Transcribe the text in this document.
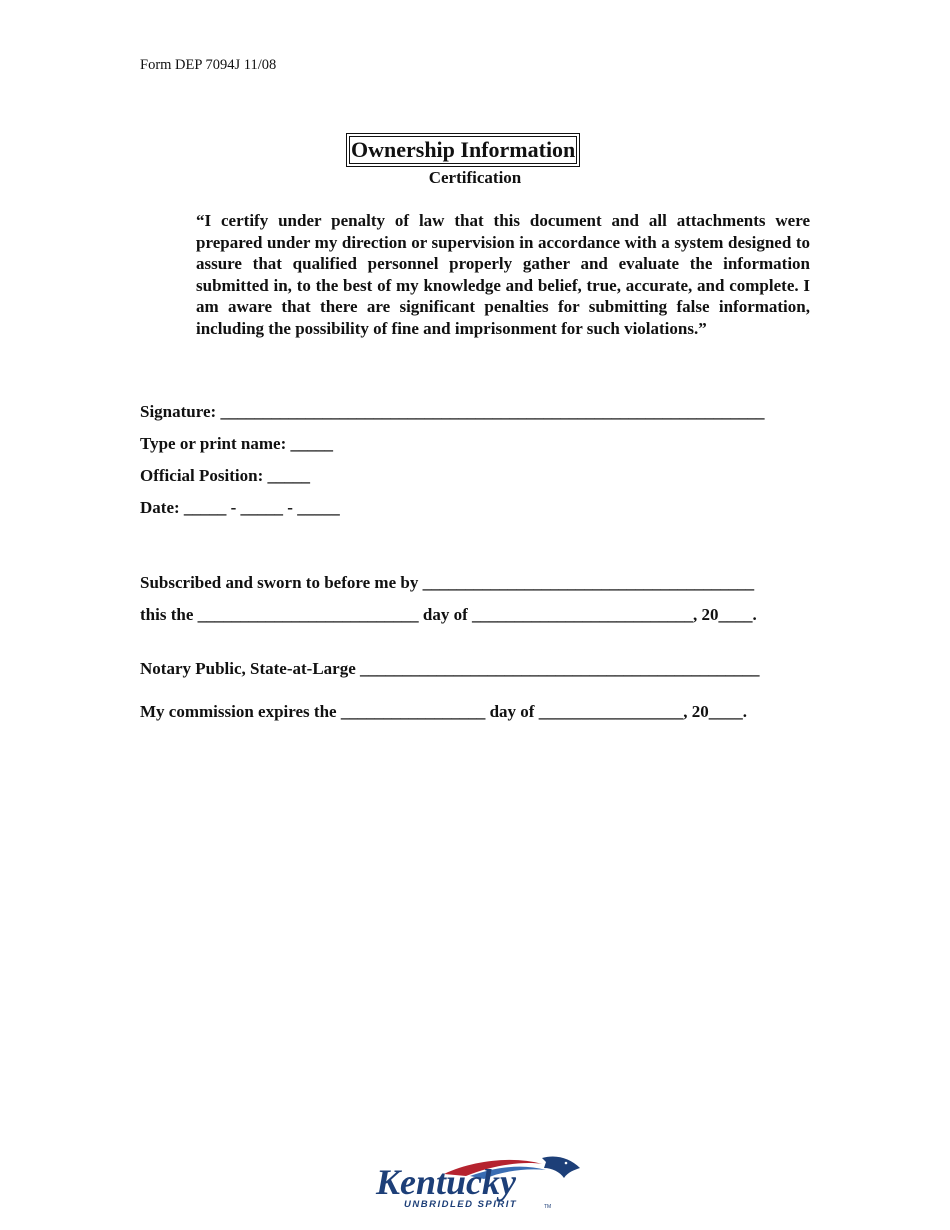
Form DEP 7094J 11/08
Ownership Information
Certification
“I certify under penalty of law that this document and all attachments were prepared under my direction or supervision in accordance with a system designed to assure that qualified personnel properly gather and evaluate the information submitted in, to the best of my knowledge and belief, true, accurate, and complete. I am aware that there are significant penalties for submitting false information, including the possibility of fine and imprisonment for such violations.”
Signature: ________________________________________________________________
Type or print name: _____
Official Position: _____
Date: _____ - _____ - _____
Subscribed and sworn to before me by _______________________________________
this the __________________________ day of __________________________, 20____.
Notary Public, State-at-Large _______________________________________________
My commission expires the _________________ day of _________________, 20____.
Kentucky
UNBRIDLED SPIRIT	TM
